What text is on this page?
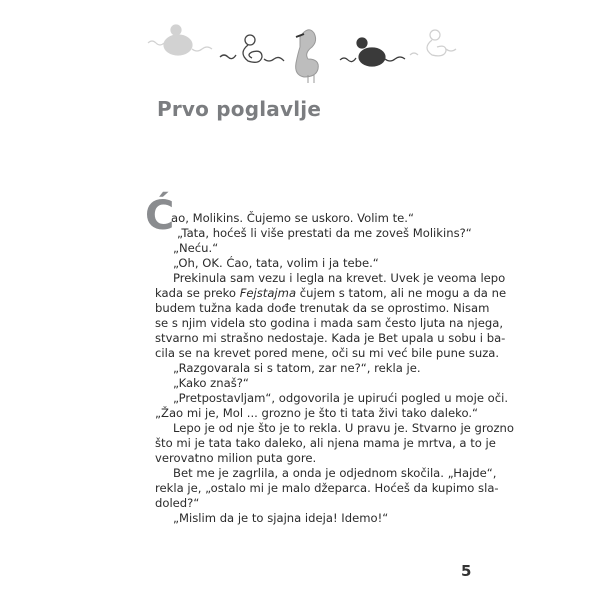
Prvo poglavlje
Ć
ao, Molikins. Čujemo se uskoro. Volim te.“
„Tata, hoćeš li više prestati da me zoveš Molikins?“
„Neću.“
„Oh, OK. Ćao, tata, volim i ja tebe.“
Prekinula sam vezu i legla na krevet. Uvek je veoma lepo
kada se preko Fejstajma čujem s tatom, ali ne mogu a da ne
budem tužna kada dođe trenutak da se oprostimo. Nisam
se s njim videla sto godina i mada sam često ljuta na njega,
stvarno mi strašno nedostaje. Kada je Bet upala u sobu i ba-
cila se na krevet pored mene, oči su mi već bile pune suza.
„Razgovarala si s tatom, zar ne?“, rekla je.
„Kako znaš?“
„Pretpostavljam“, odgovorila je upirući pogled u moje oči.
„Žao mi je, Mol ... grozno je što ti tata živi tako daleko.“
Lepo je od nje što je to rekla. U pravu je. Stvarno je grozno
što mi je tata tako daleko, ali njena mama je mrtva, a to je
verovatno milion puta gore.
Bet me je zagrlila, a onda je odjednom skočila. „Hajde“,
rekla je, „ostalo mi je malo džeparca. Hoćeš da kupimo sla-
doled?“
„Mislim da je to sjajna ideja! Idemo!“
5
